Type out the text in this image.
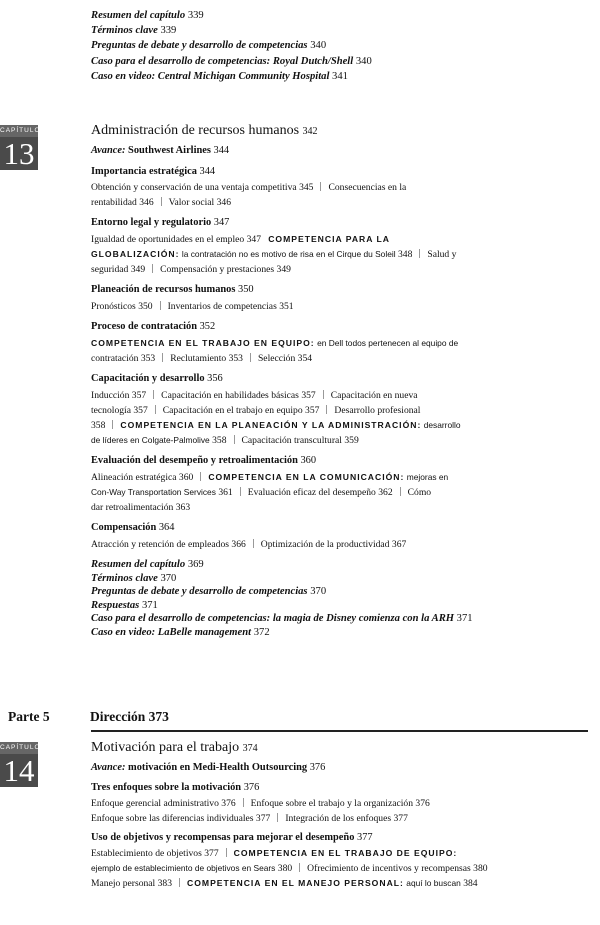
Resumen del capítulo 339
Términos clave 339
Preguntas de debate y desarrollo de competencias 340
Caso para el desarrollo de competencias: Royal Dutch/Shell 340
Caso en video: Central Michigan Community Hospital 341
CAPÍTULO
13
Administración de recursos humanos 342
Avance: Southwest Airlines 344
Importancia estratégica 344
Obtención y conservación de una ventaja competitiva 345 Consecuencias en la
rentabilidad 346 Valor social 346
Entorno legal y regulatorio 347
Igualdad de oportunidades en el empleo 347 COMPETENCIA PARA LA
GLOBALIZACIÓN: la contratación no es motivo de risa en el Cirque du Soleil 348 Salud y
seguridad 349 Compensación y prestaciones 349
Planeación de recursos humanos 350
Pronósticos 350 Inventarios de competencias 351
Proceso de contratación 352
COMPETENCIA EN EL TRABAJO EN EQUIPO: en Dell todos pertenecen al equipo de
contratación 353 Reclutamiento 353 Selección 354
Capacitación y desarrollo 356
Inducción 357 Capacitación en habilidades básicas 357 Capacitación en nueva
tecnología 357 Capacitación en el trabajo en equipo 357 Desarrollo profesional
358 COMPETENCIA EN LA PLANEACIÓN Y LA ADMINISTRACIÓN: desarrollo
de líderes en Colgate-Palmolive 358 Capacitación transcultural 359
Evaluación del desempeño y retroalimentación 360
Alineación estratégica 360 COMPETENCIA EN LA COMUNICACIÓN: mejoras en
Con-Way Transportation Services 361 Evaluación eficaz del desempeño 362 Cómo
dar retroalimentación 363
Compensación 364
Atracción y retención de empleados 366 Optimización de la productividad 367
Resumen del capítulo 369
Términos clave 370
Preguntas de debate y desarrollo de competencias 370
Respuestas 371
Caso para el desarrollo de competencias: la magia de Disney comienza con la ARH 371
Caso en video: LaBelle management 372
Parte 5	Dirección 373
CAPÍTULO
14
Motivación para el trabajo 374
Avance: motivación en Medi-Health Outsourcing 376
Tres enfoques sobre la motivación 376
Enfoque gerencial administrativo 376 Enfoque sobre el trabajo y la organización 376
Enfoque sobre las diferencias individuales 377 Integración de los enfoques 377
Uso de objetivos y recompensas para mejorar el desempeño 377
Establecimiento de objetivos 377 COMPETENCIA EN EL TRABAJO DE EQUIPO:
ejemplo de establecimiento de objetivos en Sears 380 Ofrecimiento de incentivos y recompensas 380
Manejo personal 383 COMPETENCIA EN EL MANEJO PERSONAL: aquí lo buscan 384
